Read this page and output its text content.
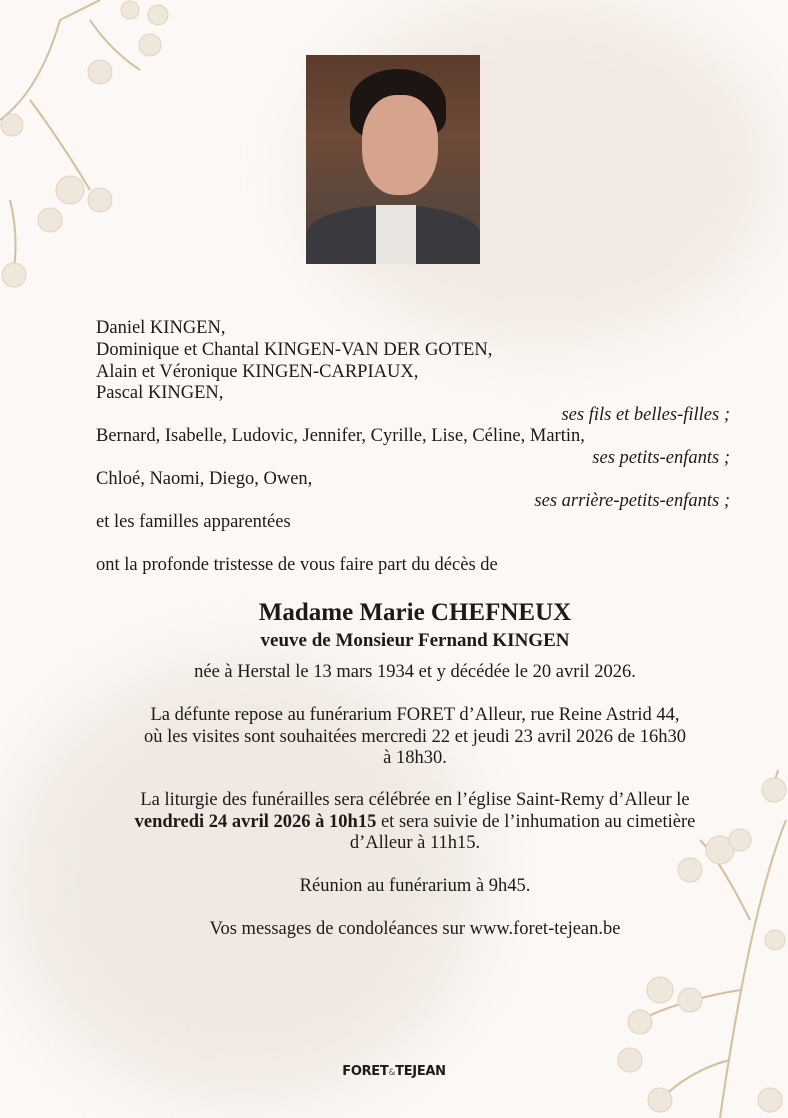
Daniel KINGEN,
Dominique et Chantal KINGEN-VAN DER GOTEN,
Alain et Véronique KINGEN-CARPIAUX,
Pascal KINGEN,
ses fils et belles-filles ;
Bernard, Isabelle, Ludovic, Jennifer, Cyrille, Lise, Céline, Martin,
ses petits-enfants ;
Chloé, Naomi, Diego, Owen,
ses arrière-petits-enfants ;
et les familles apparentées
ont la profonde tristesse de vous faire part du décès de
Madame Marie CHEFNEUX
veuve de Monsieur Fernand KINGEN
née à Herstal le 13 mars 1934 et y décédée le 20 avril 2026.
La défunte repose au funérarium FORET d’Alleur, rue Reine Astrid 44,
où les visites sont souhaitées mercredi 22 et jeudi 23 avril 2026 de 16h30
à 18h30.
La liturgie des funérailles sera célébrée en l’église Saint-Remy d’Alleur le
vendredi 24 avril 2026 à 10h15 et sera suivie de l’inhumation au cimetière
d’Alleur à 11h15.
Réunion au funérarium à 9h45.
Vos messages de condoléances sur www.foret-tejean.be
FORET&TEJEAN
